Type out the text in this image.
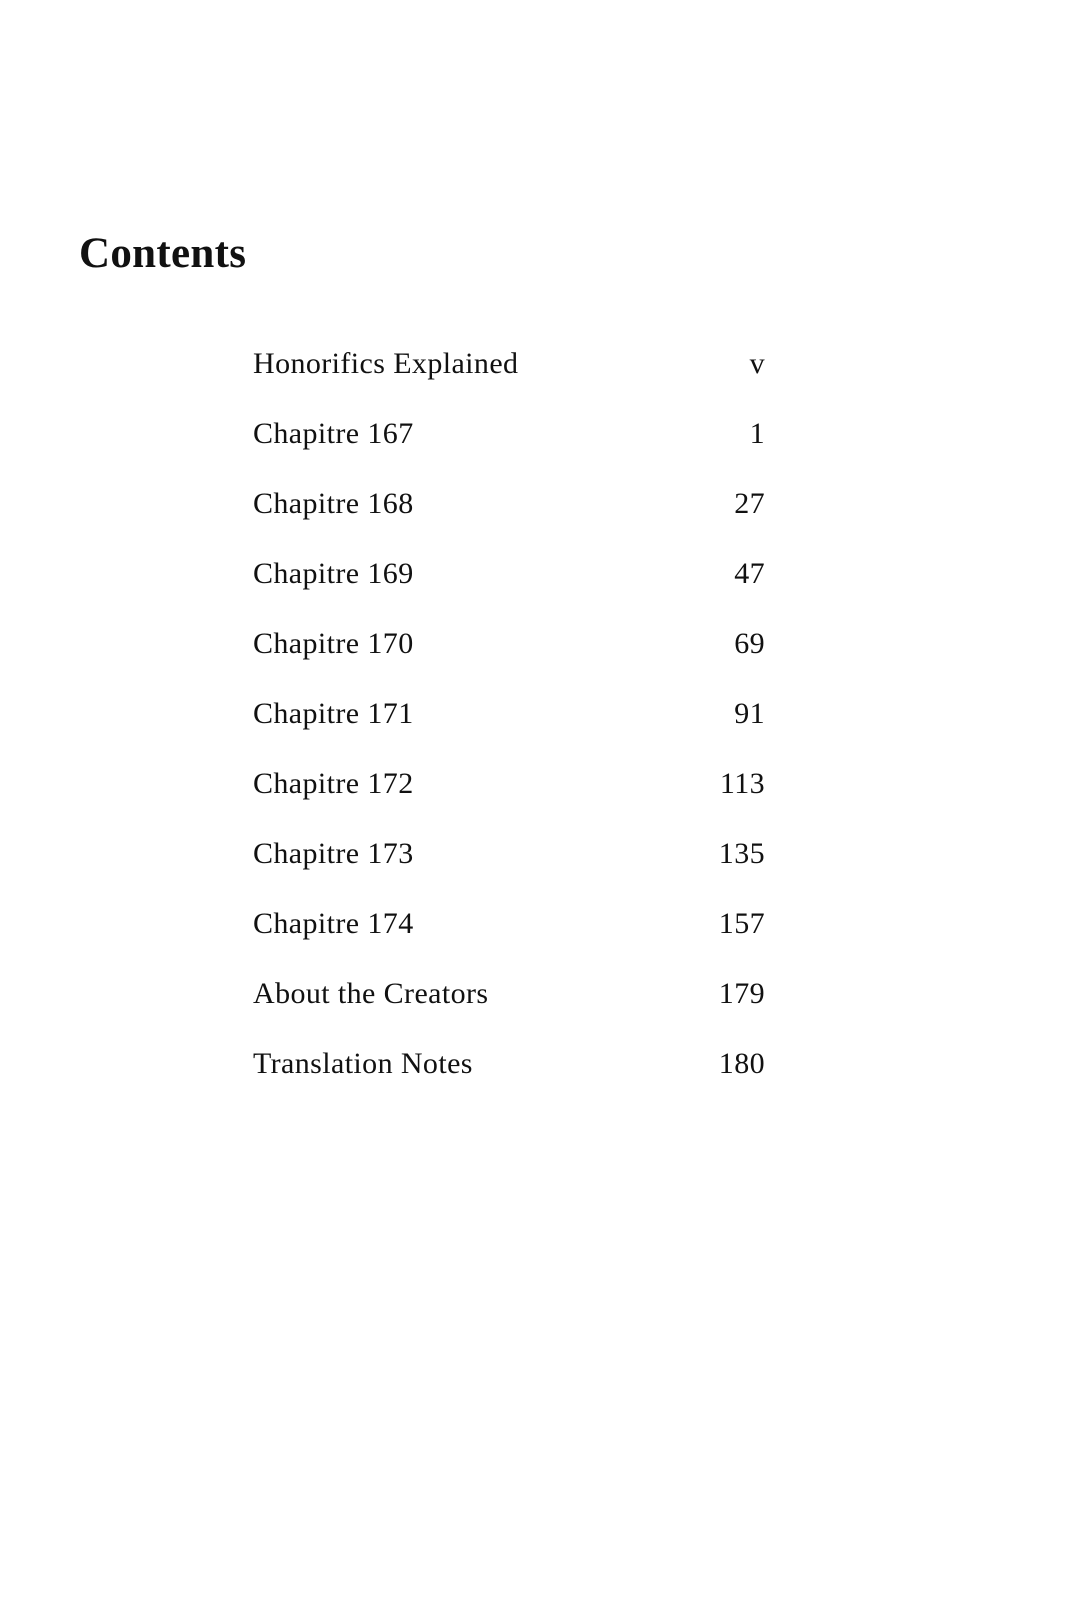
Contents
Honorifics Explained	v
Chapitre 167	1
Chapitre 168	27
Chapitre 169	47
Chapitre 170	69
Chapitre 171	91
Chapitre 172	113
Chapitre 173	135
Chapitre 174	157
About the Creators	179
Translation Notes	180
